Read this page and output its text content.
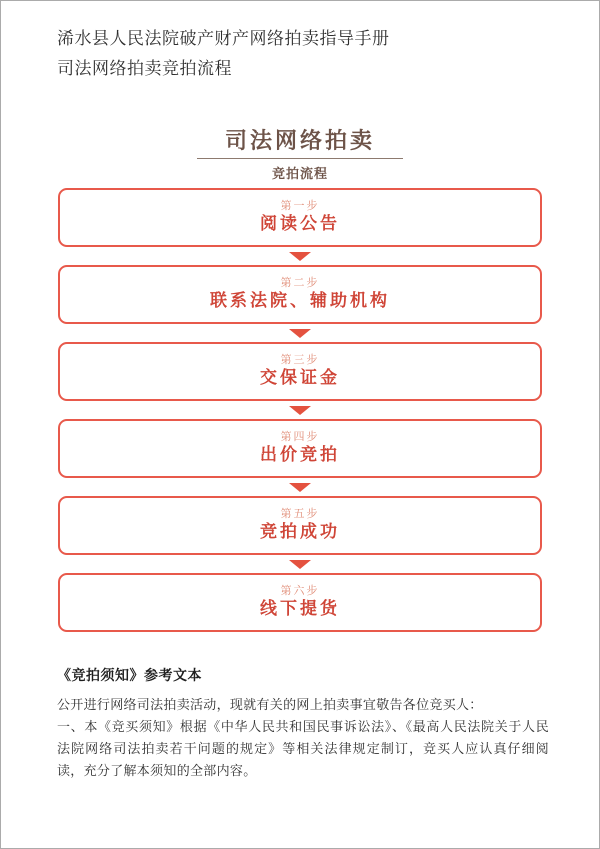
浠水县人民法院破产财产网络拍卖指导手册
司法网络拍卖竞拍流程
司法网络拍卖
竞拍流程
第一步
阅读公告
第二步
联系法院、辅助机构
第三步
交保证金
第四步
出价竞拍
第五步
竞拍成功
第六步
线下提货
《竞拍须知》参考文本
公开进行网络司法拍卖活动，现就有关的网上拍卖事宜敬告各位竞买人：
一、本《竞买须知》根据《中华人民共和国民事诉讼法》、《最高人民法院关于人民法院网络司法拍卖若干问题的规定》等相关法律规定制订，竞买人应认真仔细阅读，充分了解本须知的全部内容。
